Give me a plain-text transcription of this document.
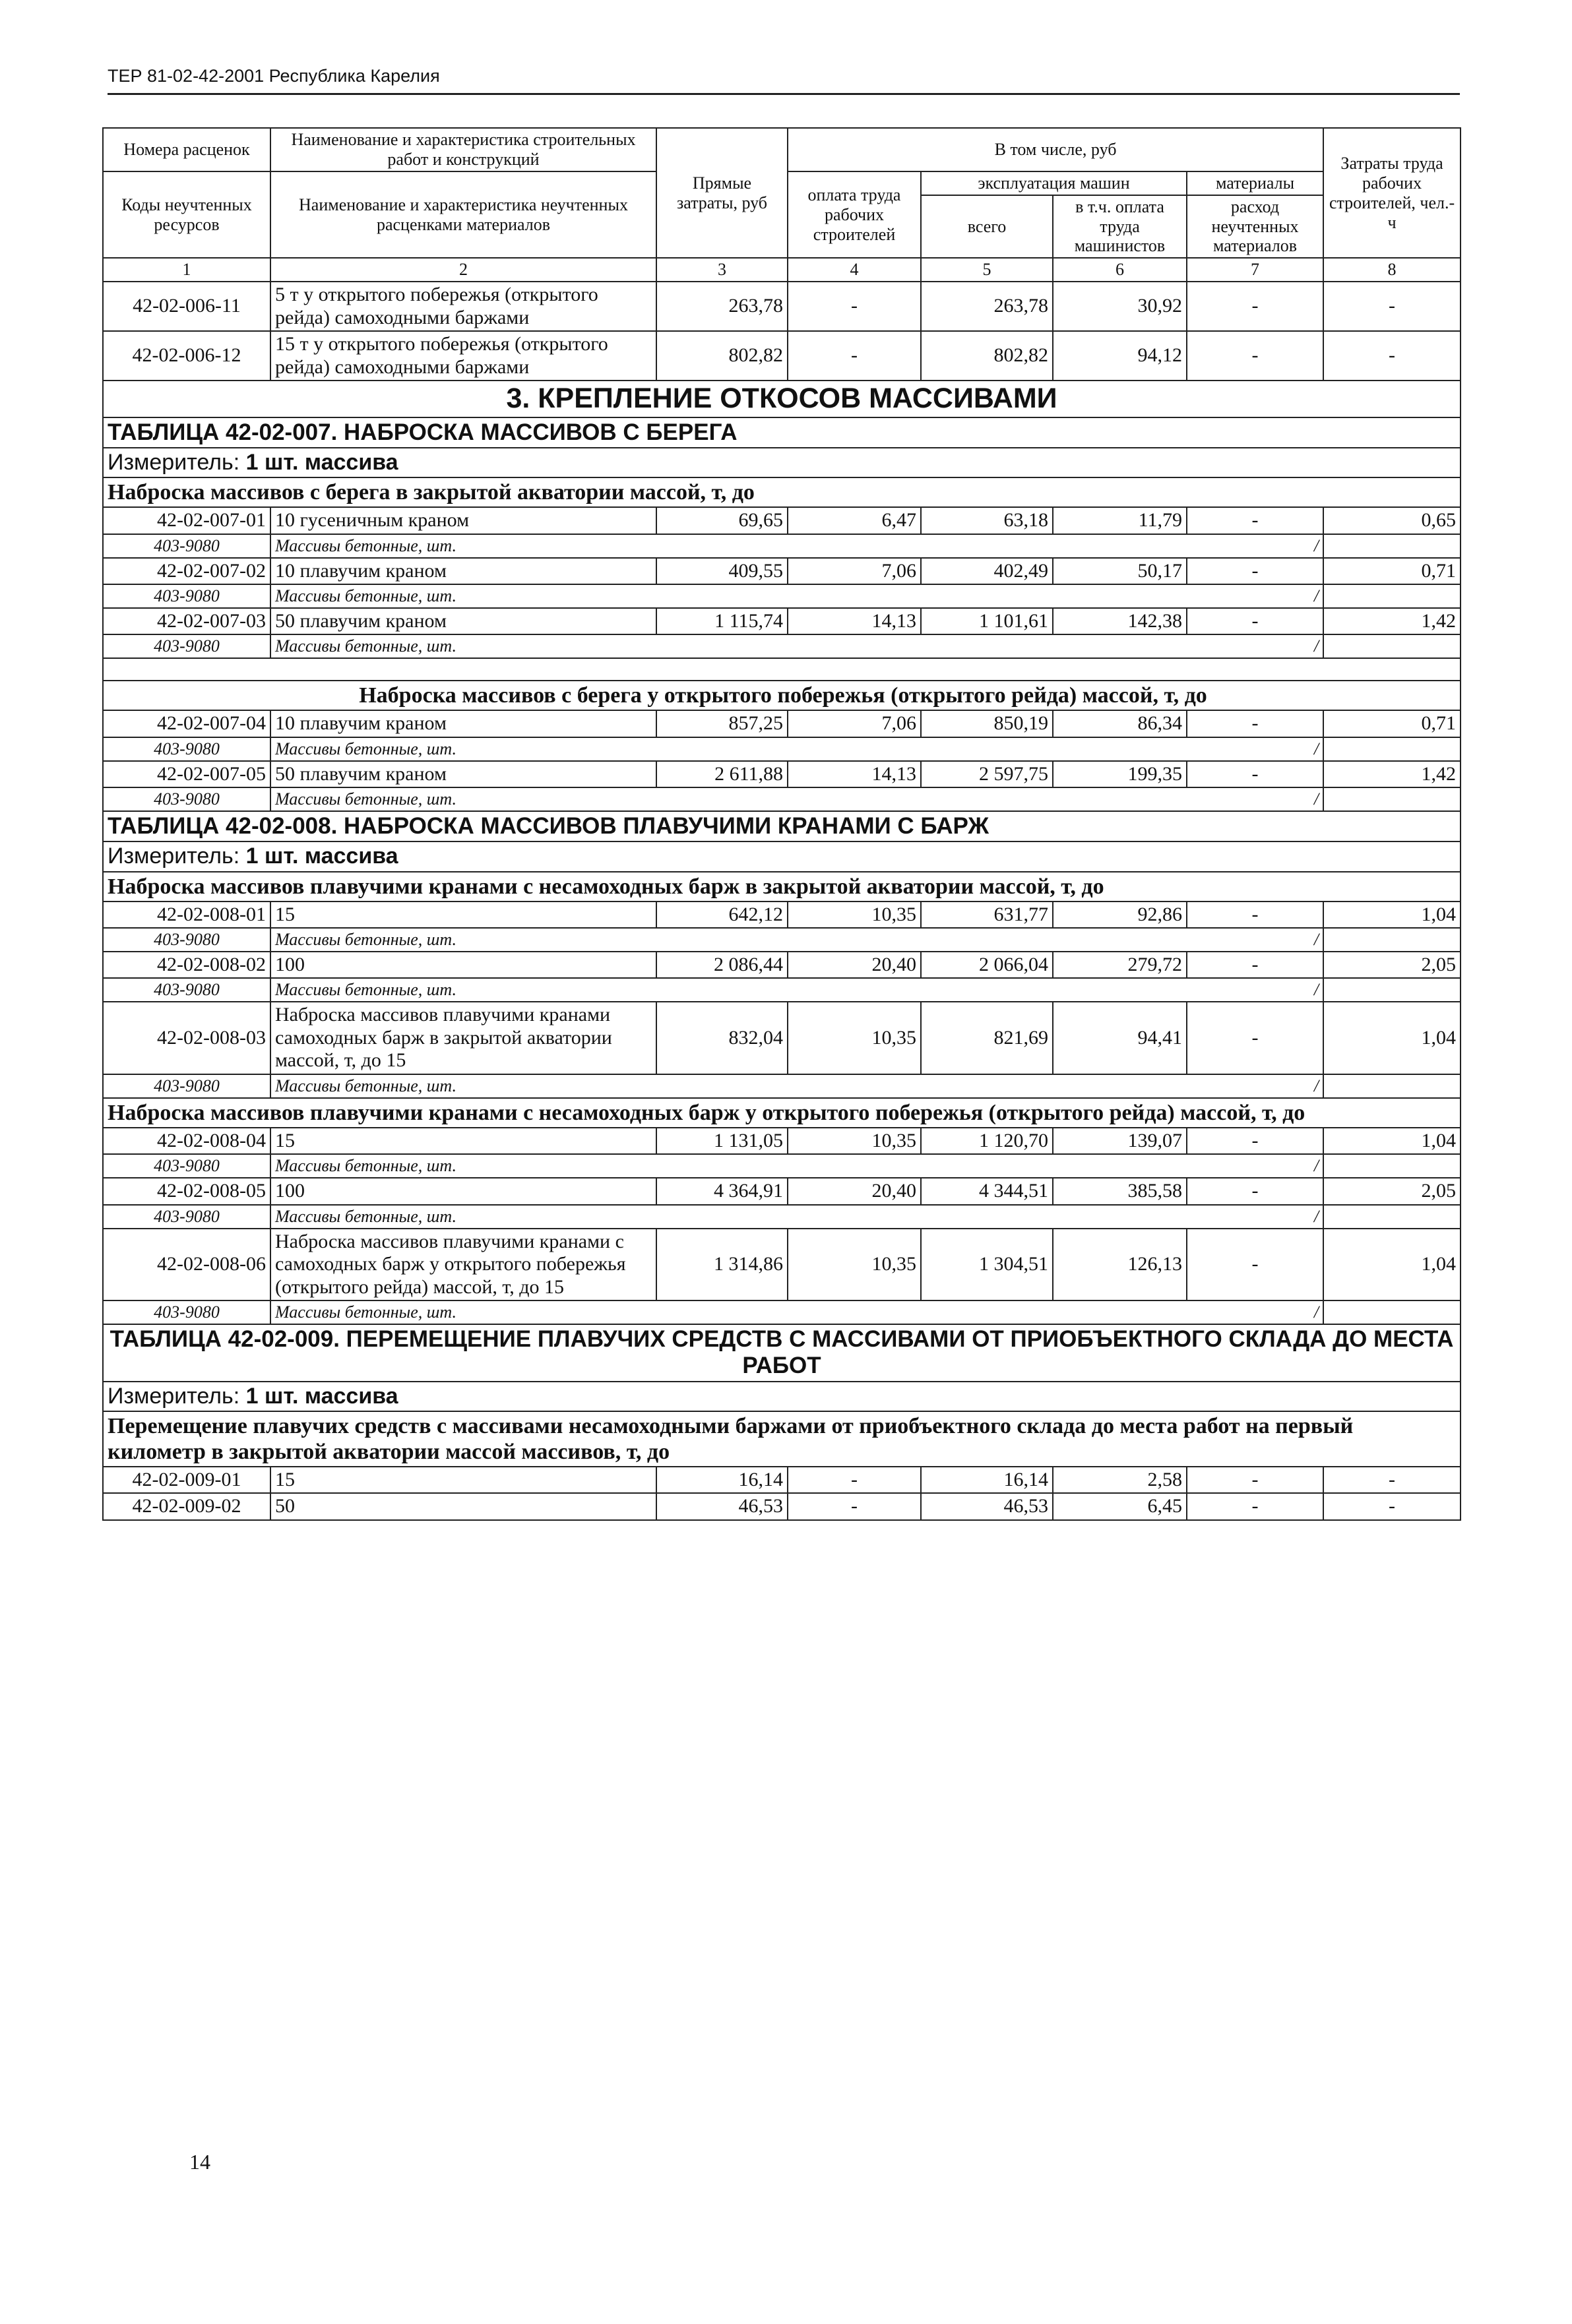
ТЕР 81-02-42-2001 Республика Карелия
Номера расценок	Наименование и характеристика строительных работ и конструкций	Прямые затраты, руб	В том числе, руб				Затраты труда рабочих строителей, чел.-ч
Коды неучтенных ресурсов	Наименование и характеристика неучтенных расценками материалов		оплата труда рабочих строителей	эксплуатация машин		материалы	
				всего	в т.ч. оплата труда машинистов	расход неучтенных материалов	
1	2	3	4	5	6	7	8
42-02-006-11	5 т у открытого побережья (открытого рейда) самоходными баржами	263,78	-	263,78	30,92	-	-
42-02-006-12	15 т у открытого побережья (открытого рейда) самоходными баржами	802,82	-	802,82	94,12	-	-
3. КРЕПЛЕНИЕ ОТКОСОВ МАССИВАМИ							
ТАБЛИЦА 42-02-007. НАБРОСКА МАССИВОВ С БЕРЕГА							
Измеритель: 1 шт. массива							
Наброска массивов с берега в закрытой акватории массой, т, до							
42-02-007-01	10 гусеничным краном	69,65	6,47	63,18	11,79	-	0,65
403-9080	Массивы бетонные, шт.					/	
42-02-007-02	10 плавучим краном	409,55	7,06	402,49	50,17	-	0,71
403-9080	Массивы бетонные, шт.					/	
42-02-007-03	50 плавучим краном	1 115,74	14,13	1 101,61	142,38	-	1,42
403-9080	Массивы бетонные, шт.					/	

Наброска массивов с берега у открытого побережья (открытого рейда) массой, т, до							
42-02-007-04	10 плавучим краном	857,25	7,06	850,19	86,34	-	0,71
403-9080	Массивы бетонные, шт.					/	
42-02-007-05	50 плавучим краном	2 611,88	14,13	2 597,75	199,35	-	1,42
403-9080	Массивы бетонные, шт.					/	
ТАБЛИЦА 42-02-008. НАБРОСКА МАССИВОВ ПЛАВУЧИМИ КРАНАМИ С БАРЖ							
Измеритель: 1 шт. массива							
Наброска массивов плавучими кранами с несамоходных барж в закрытой акватории массой, т, до							
42-02-008-01	15	642,12	10,35	631,77	92,86	-	1,04
403-9080	Массивы бетонные, шт.					/	
42-02-008-02	100	2 086,44	20,40	2 066,04	279,72	-	2,05
403-9080	Массивы бетонные, шт.					/	
42-02-008-03	Наброска массивов плавучими кранами самоходных барж в закрытой акватории массой, т, до 15	832,04	10,35	821,69	94,41	-	1,04
403-9080	Массивы бетонные, шт.					/	
Наброска массивов плавучими кранами с несамоходных барж у открытого побережья (открытого рейда) массой, т, до							
42-02-008-04	15	1 131,05	10,35	1 120,70	139,07	-	1,04
403-9080	Массивы бетонные, шт.					/	
42-02-008-05	100	4 364,91	20,40	4 344,51	385,58	-	2,05
403-9080	Массивы бетонные, шт.					/	
42-02-008-06	Наброска массивов плавучими кранами с самоходных барж у открытого побережья (открытого рейда) массой, т, до 15	1 314,86	10,35	1 304,51	126,13	-	1,04
403-9080	Массивы бетонные, шт.					/	
ТАБЛИЦА 42-02-009. ПЕРЕМЕЩЕНИЕ ПЛАВУЧИХ СРЕДСТВ С МАССИВАМИ ОТ ПРИОБЪЕКТНОГО СКЛАДА ДО МЕСТА РАБОТ							
Измеритель: 1 шт. массива							
Перемещение плавучих средств с массивами несамоходными баржами от приобъектного склада до места работ на первый километр в закрытой акватории массой массивов, т, до							
42-02-009-01	15	16,14	-	16,14	2,58	-	-
42-02-009-02	50	46,53	-	46,53	6,45	-	-
14
